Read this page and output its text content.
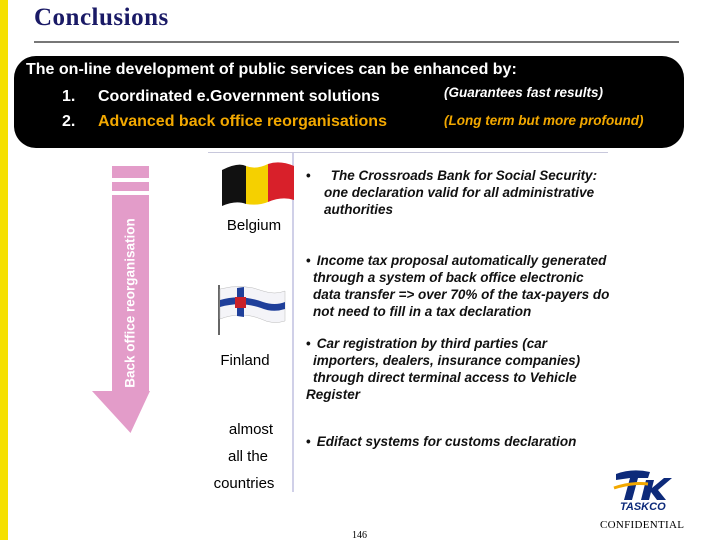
Conclusions
The on-line development of public services can be enhanced by:
1. Coordinated e.Government solutions	(Guarantees fast results)
2. Advanced back office reorganisations	(Long term but more profound)
Back office reorganisation	Belgium
Finland
almost
all the
countries
• The Crossroads Bank for Social Security:
one declaration valid for all administrative
authorities
• Income tax proposal automatically generated
through a system of back office electronic
data transfer => over 70% of the tax-payers do
not need to fill in a tax declaration
• Car registration by third parties (car
importers, dealers, insurance companies)
through direct terminal access to Vehicle
Register
• Edifact systems for customs declaration
TASKCO
CONFIDENTIAL
146
